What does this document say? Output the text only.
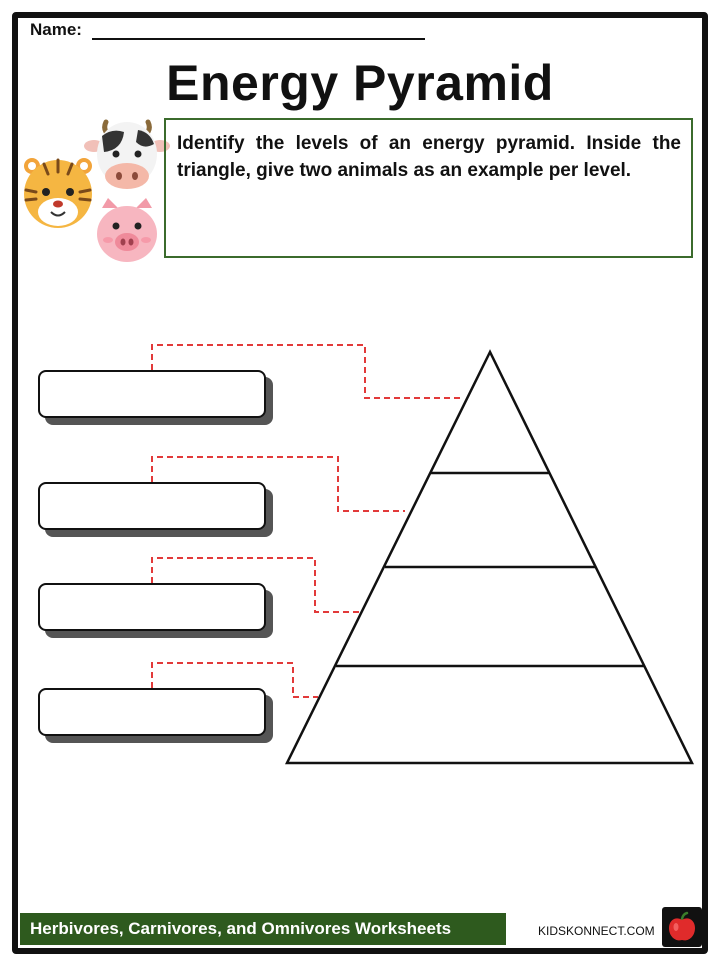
Name:
Energy Pyramid
Identify the levels of an energy pyramid. Inside the triangle, give two animals as an example per level.
Herbivores, Carnivores, and Omnivores Worksheets	KIDSKONNECT.COM
